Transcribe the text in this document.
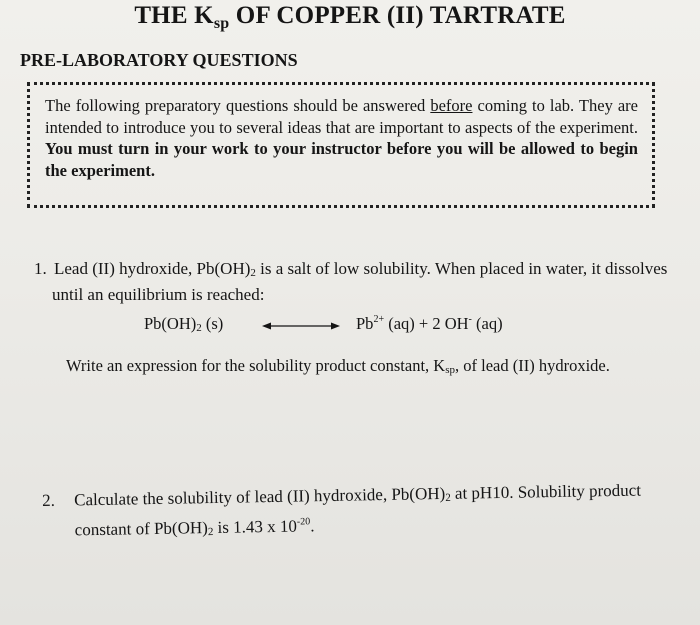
THE $K_{sp}$ OF COPPER (II) TARTRATE
PRE-LABORATORY QUESTIONS
The following preparatory questions should be answered before coming to lab. They are intended to introduce you to several ideas that are important to aspects of the experiment. You must turn in your work to your instructor before you will be allowed to begin the experiment.
1. Lead (II) hydroxide, $Pb(OH)_2$ is a salt of low solubility. When placed in water, it dissolves until an equilibrium is reached:
$Pb(OH)_2$ (s)	$Pb^{2+}$ (aq) + 2 OH- (aq)
Write an expression for the solubility product constant, $K_{sp}$, of lead (II) hydroxide.
2. Calculate the solubility of lead (II) hydroxide, $Pb(OH)_2$ at pH10. Solubility product constant of $Pb(OH)_2$ is 1.43 x $10^{-20}$.
